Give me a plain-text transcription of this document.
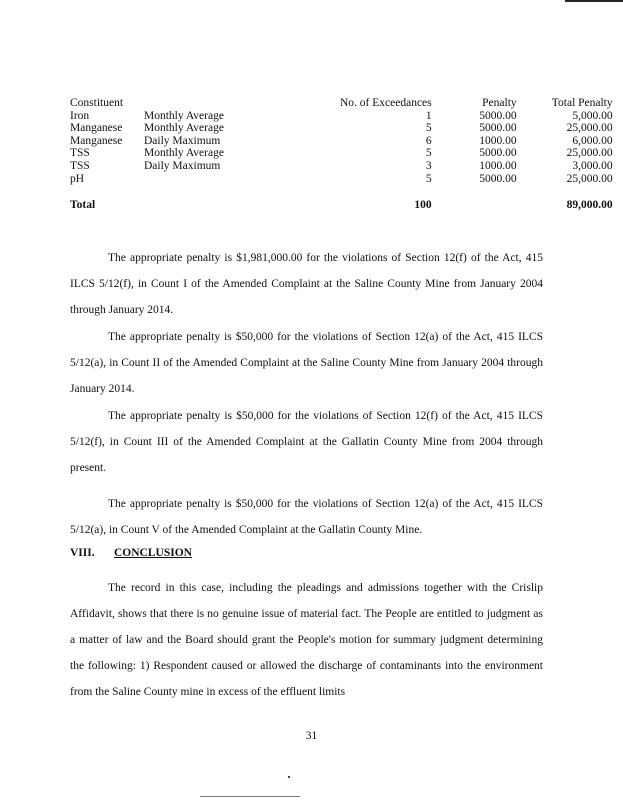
Constituent		No. of Exceedances	Penalty	Total Penalty
Iron	Monthly Average	1	5000.00	5,000.00
Manganese	Monthly Average	5	5000.00	25,000.00
Manganese	Daily Maximum	6	1000.00	6,000.00
TSS	Monthly Average	5	5000.00	25,000.00
TSS	Daily Maximum	3	1000.00	3,000.00
pH		5	5000.00	25,000.00

Total		100		89,000.00

The appropriate penalty is $1,981,000.00 for the violations of Section 12(f) of the Act, 415 ILCS 5/12(f), in Count I of the Amended Complaint at the Saline County Mine from January 2004 through January 2014.

The appropriate penalty is $50,000 for the violations of Section 12(a) of the Act, 415 ILCS 5/12(a), in Count II of the Amended Complaint at the Saline County Mine from January 2004 through January 2014.

The appropriate penalty is $50,000 for the violations of Section 12(f) of the Act, 415 ILCS 5/12(f), in Count III of the Amended Complaint at the Gallatin County Mine from 2004 through present.

The appropriate penalty is $50,000 for the violations of Section 12(a) of the Act, 415 ILCS 5/12(a), in Count V of the Amended Complaint at the Gallatin County Mine.

VIII. CONCLUSION

The record in this case, including the pleadings and admissions together with the Crislip Affidavit, shows that there is no genuine issue of material fact. The People are entitled to judgment as a matter of law and the Board should grant the People's motion for summary judgment determining the following: 1) Respondent caused or allowed the discharge of contaminants into the environment from the Saline County mine in excess of the effluent limits

31
